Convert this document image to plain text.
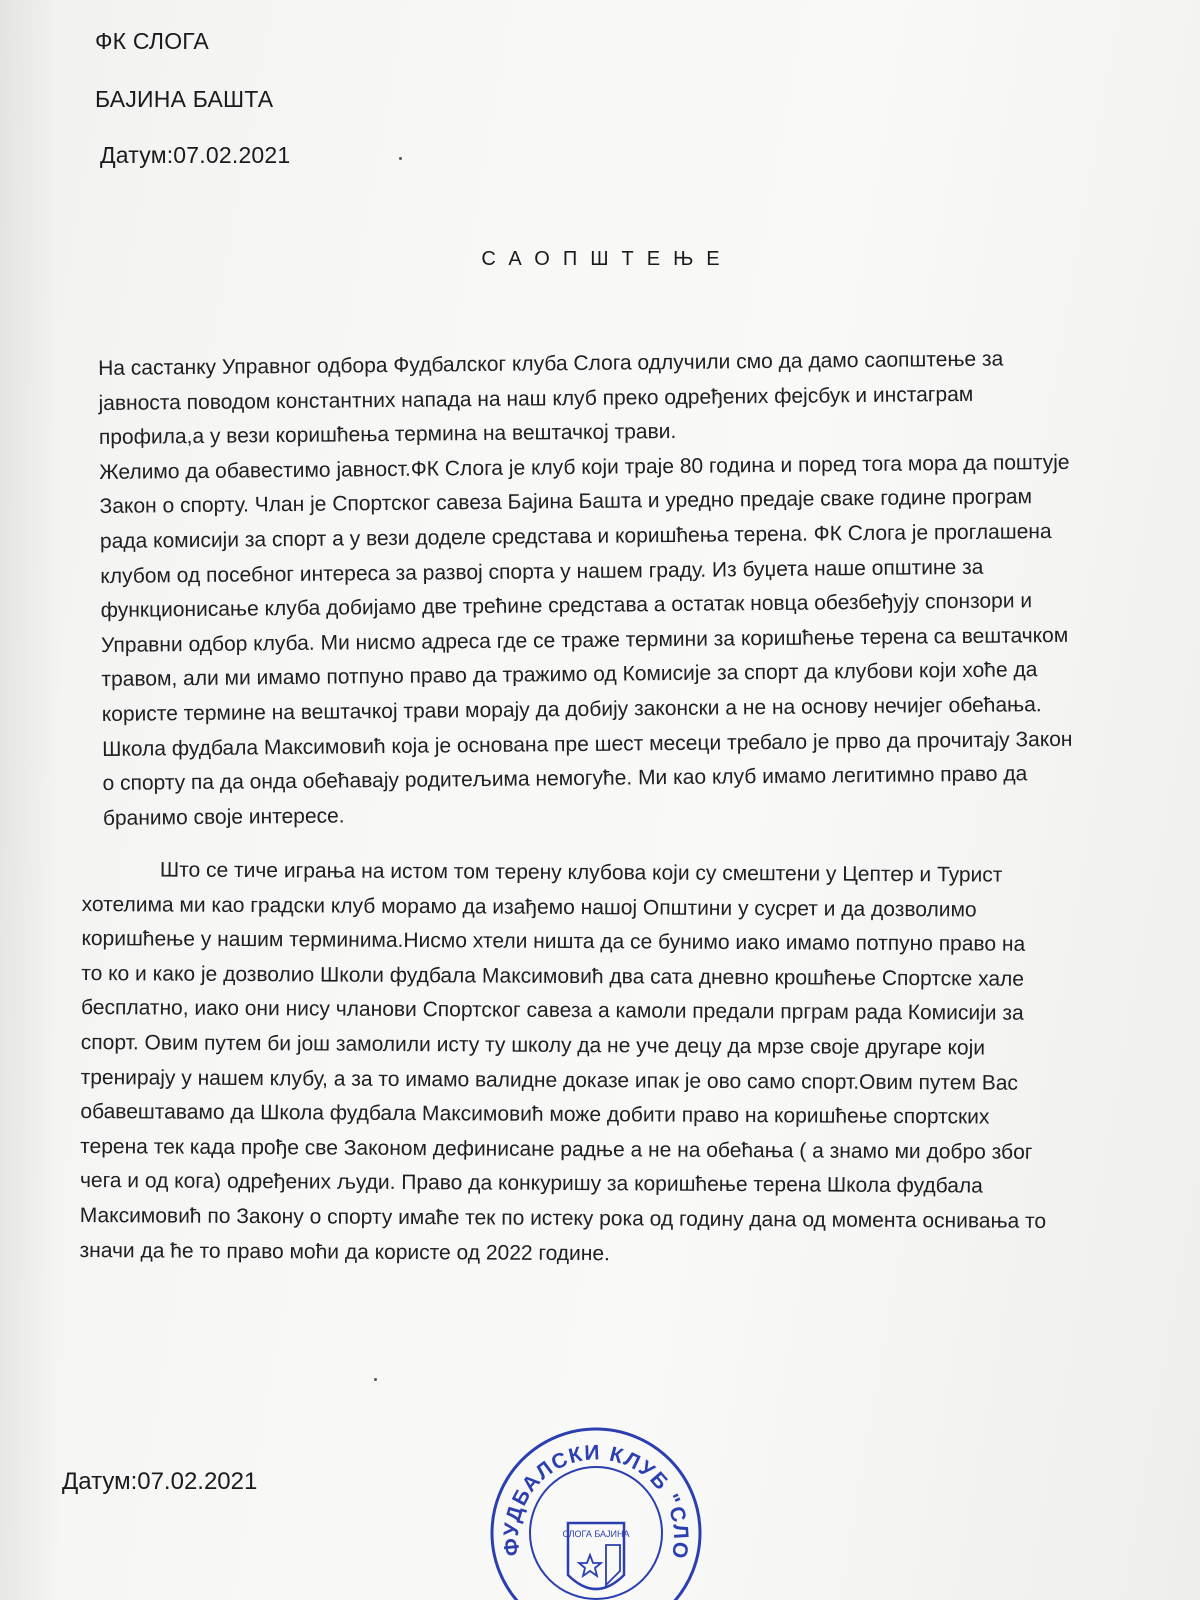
ФК СЛОГА
БАЈИНА БАШТА
Датум:07.02.2021
САОПШТЕЊЕ
На састанку Управног одбора Фудбалског клуба Слога одлучили смо да дамо саопштење за
јавноста поводом константних напада на наш клуб преко одређених фејсбук и инстаграм
профила,а у вези коришћења термина на вештачкој трави.
Желимо да обавестимо јавност.ФК Слога је клуб који траје 80 година и поред тога мора да поштује
Закон о спорту. Члан је Спортског савеза Бајина Башта и уредно предаје сваке године програм
рада комисији за спорт а у вези доделе средстава и коришћења терена. ФК Слога је проглашена
клубом од посебног интереса за развој спорта у нашем граду. Из буџета наше општине за
функционисање клуба добијамо две трећине средстава а остатак новца обезбеђују спонзори и
Управни одбор клуба. Ми нисмо адреса где се траже термини за коришћење терена са вештачком
травом, али ми имамо потпуно право да тражимо од Комисије за спорт да клубови који хоће да
користе термине на вештачкој трави морају да добију законски а не на основу нечијег обећања.
Школа фудбала Максимовић која је основана пре шест месеци требало је прво да прочитају Закон
о спорту па да онда обећавају родитељима немогуће. Ми као клуб имамо легитимно право да
бранимо своје интересе.
Што се тиче играња на истом том терену клубова који су смештени у Цептер и Турист
хотелима ми као градски клуб морамо да изађемо нашој Општини у сусрет и да дозволимо
коришћење у нашим терминима.Нисмо хтели ништа да се бунимо иако имамо потпуно право на
то ко и како је дозволио Школи фудбала Максимовић два сата дневно крошћење Спортске хале
бесплатно, иако они нису чланови Спортског савеза а камоли предали прграм рада Комисији за
спорт. Овим путем би још замолили исту ту школу да не уче децу да мрзе своје другаре који
тренирају у нашем клубу, а за то имамо валидне доказе ипак је ово само спорт.Овим путем Вас
обавештавамо да Школа фудбала Максимовић може добити право на коришћење спортских
терена тек када прође све Законом дефинисане радње а не на обећања ( а знамо ми добро због
чега и од кога) одређених људи. Право да конкуришу за коришћење терена Школа фудбала
Максимовић по Закону о спорту имаће тек по истеку рока од годину дана од момента оснивања то
значи да ће то право моћи да користе од 2022 године.
Датум:07.02.2021
ФУДБАЛСКИ КЛУБ "СЛО
СЛОГА БАЈИНА
